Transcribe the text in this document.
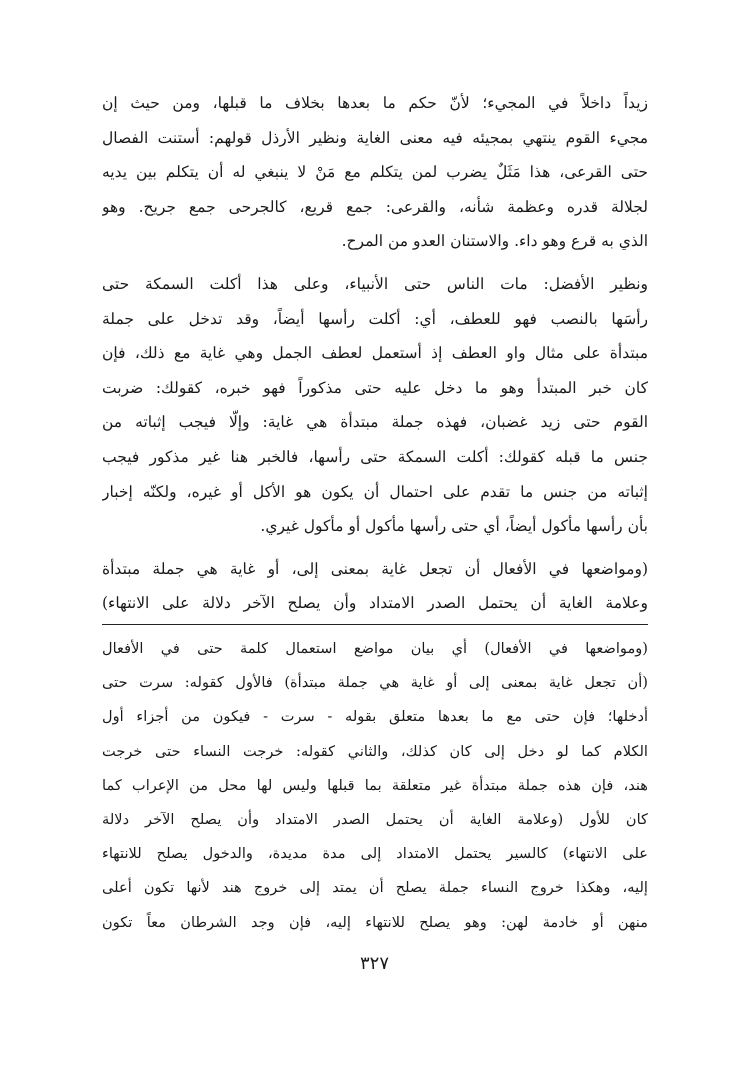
زيداً داخلاً في المجيء؛ لأنّ حكم ما بعدها بخلاف ما قبلها، ومن حيث إن
مجيء القوم ينتهي بمجيئه فيه معنى الغاية ونظير الأرذل قولهم: أستنت الفصال
حتى القرعى، هذا مَثَلٌ يضرب لمن يتكلم مع مَنْ لا ينبغي له أن يتكلم بين يديه
لجلالة قدره وعظمة شأنه، والقرعى: جمع قريع، كالجرحى جمع جريح. وهو
الذي به قرع وهو داء. والاستنان العدو من المرح.
ونظير الأفضل: مات الناس حتى الأنبياء، وعلى هذا أكلت السمكة حتى
رأسَها بالنصب فهو للعطف، أي: أكلت رأسها أيضاً، وقد تدخل على جملة
مبتدأة على مثال واو العطف إذ أستعمل لعطف الجمل وهي غاية مع ذلك، فإن
كان خبر المبتدأ وهو ما دخل عليه حتى مذكوراً فهو خبره، كقولك: ضربت
القوم حتى زيد غضبان، فهذه جملة مبتدأة هي غاية: وإلّا فيجب إثباته من
جنس ما قبله كقولك: أكلت السمكة حتى رأسها، فالخبر هنا غير مذكور فيجب
إثباته من جنس ما تقدم على احتمال أن يكون هو الأكل أو غيره، ولكنّه إخبار
بأن رأسها مأكول أيضاً، أي حتى رأسها مأكول أو مأكول غيري.
(ومواضعها في الأفعال أن تجعل غاية بمعنى إلى، أو غاية هي جملة مبتدأة
وعلامة الغاية أن يحتمل الصدر الامتداد وأن يصلح الآخر دلالة على الانتهاء)
(ومواضعها في الأفعال) أي بيان مواضع استعمال كلمة حتى في الأفعال
(أن تجعل غاية بمعنى إلى أو غاية هي جملة مبتدأة) فالأول كقوله: سرت حتى
أدخلها؛ فإن حتى مع ما بعدها متعلق بقوله - سرت - فيكون من أجزاء أول
الكلام كما لو دخل إلى كان كذلك، والثاني كقوله: خرجت النساء حتى خرجت
هند، فإن هذه جملة مبتدأة غير متعلقة بما قبلها وليس لها محل من الإعراب كما
كان للأول (وعلامة الغاية أن يحتمل الصدر الامتداد وأن يصلح الآخر دلالة
على الانتهاء) كالسير يحتمل الامتداد إلى مدة مديدة، والدخول يصلح للانتهاء
إليه، وهكذا خروج النساء جملة يصلح أن يمتد إلى خروج هند لأنها تكون أعلى
منهن أو خادمة لهن: وهو يصلح للانتهاء إليه، فإن وجد الشرطان معاً تكون
٣٢٧
